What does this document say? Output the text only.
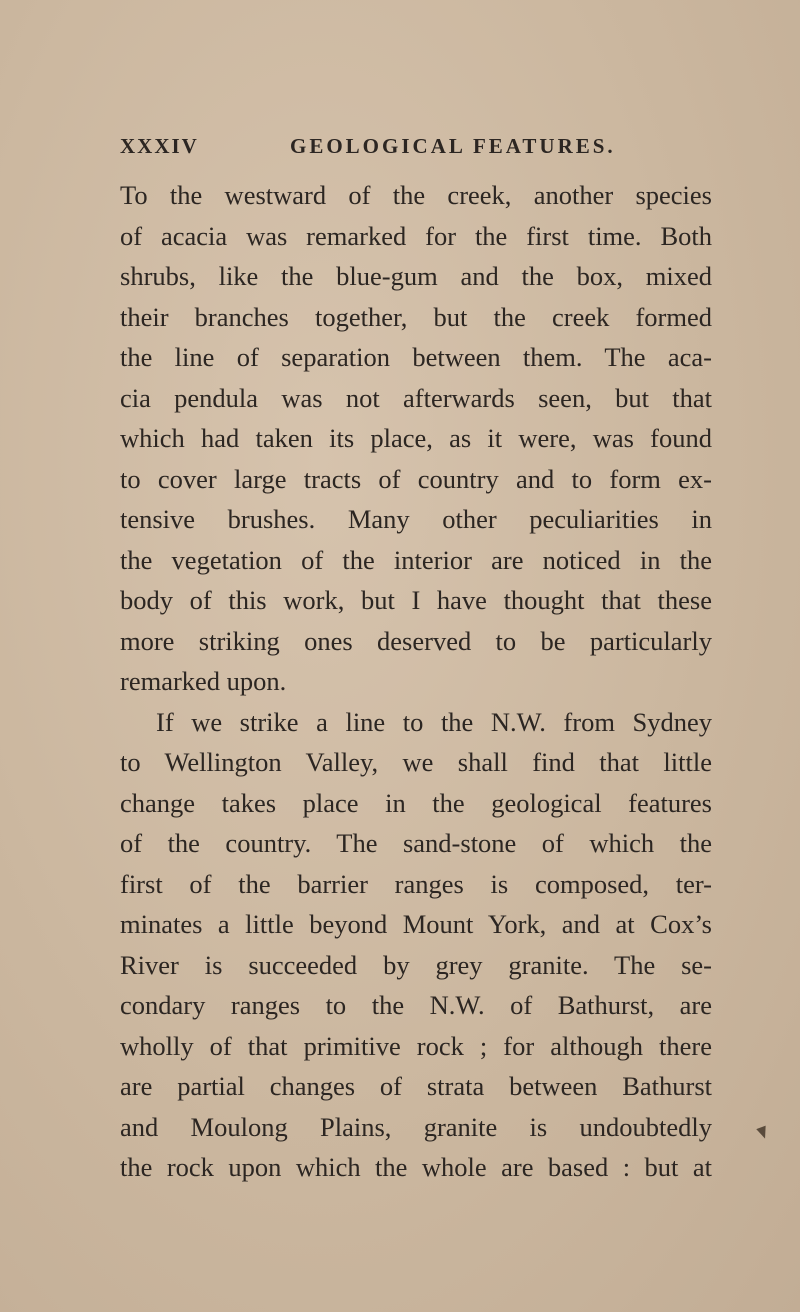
XXXIV	GEOLOGICAL FEATURES.
To the westward of the creek, another species
of acacia was remarked for the first time. Both
shrubs, like the blue-gum and the box, mixed
their branches together, but the creek formed
the line of separation between them. The aca-
cia pendula was not afterwards seen, but that
which had taken its place, as it were, was found
to cover large tracts of country and to form ex-
tensive brushes. Many other peculiarities in
the vegetation of the interior are noticed in the
body of this work, but I have thought that these
more striking ones deserved to be particularly
remarked upon.
If we strike a line to the N.W. from Sydney
to Wellington Valley, we shall find that little
change takes place in the geological features
of the country. The sand-stone of which the
first of the barrier ranges is composed, ter-
minates a little beyond Mount York, and at Cox’s
River is succeeded by grey granite. The se-
condary ranges to the N.W. of Bathurst, are
wholly of that primitive rock ; for although there
are partial changes of strata between Bathurst
and Moulong Plains, granite is undoubtedly
the rock upon which the whole are based : but at
